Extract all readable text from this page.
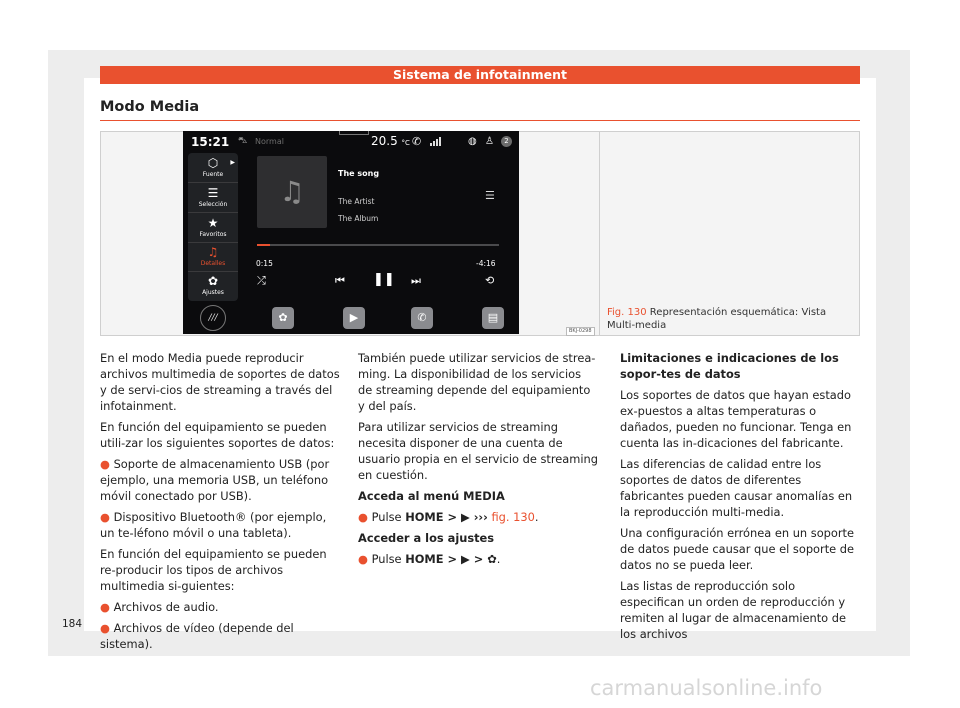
Sistema de infotainment
Modo Media
15:21 ⛍ Normal	20.5 °C ✆	◍ ♙	2
⬡
Fuente
▶
☰
Selección
★
Favoritos
♫
Detalles
✿
Ajustes
♫
The song
The Artist
The Album
☰
0:15	-4:16
⤮	⏮ ❚❚ ⏭	⟲
///	✿	▶	✆	▤
BKJ-0298
Fig. 130 Representación esquemática: Vista Multi-media

En el modo Media puede reproducir archivos multimedia de soportes de datos y de servi-cios de streaming a través del infotainment.

En función del equipamiento se pueden utili-zar los siguientes soportes de datos:

● Soporte de almacenamiento USB (por ejemplo, una memoria USB, un teléfono móvil conectado por USB).

● Dispositivo Bluetooth® (por ejemplo, un te-léfono móvil o una tableta).

En función del equipamiento se pueden re-producir los tipos de archivos multimedia si-guientes:

● Archivos de audio.

● Archivos de vídeo (depende del sistema).

También puede utilizar servicios de strea-ming. La disponibilidad de los servicios de streaming depende del equipamiento y del país.

Para utilizar servicios de streaming necesita disponer de una cuenta de usuario propia en el servicio de streaming en cuestión.

Acceda al menú MEDIA

● Pulse HOME > ▶ ››› fig. 130.

Acceder a los ajustes

● Pulse HOME > ▶ > ✿.

Limitaciones e indicaciones de los sopor-tes de datos

Los soportes de datos que hayan estado ex-puestos a altas temperaturas o dañados, pueden no funcionar. Tenga en cuenta las in-dicaciones del fabricante.

Las diferencias de calidad entre los soportes de datos de diferentes fabricantes pueden causar anomalías en la reproducción multi-media.

Una configuración errónea en un soporte de datos puede causar que el soporte de datos no se pueda leer.

Las listas de reproducción solo especifican un orden de reproducción y remiten al lugar de almacenamiento de los archivos

184
carmanualsonline.info
